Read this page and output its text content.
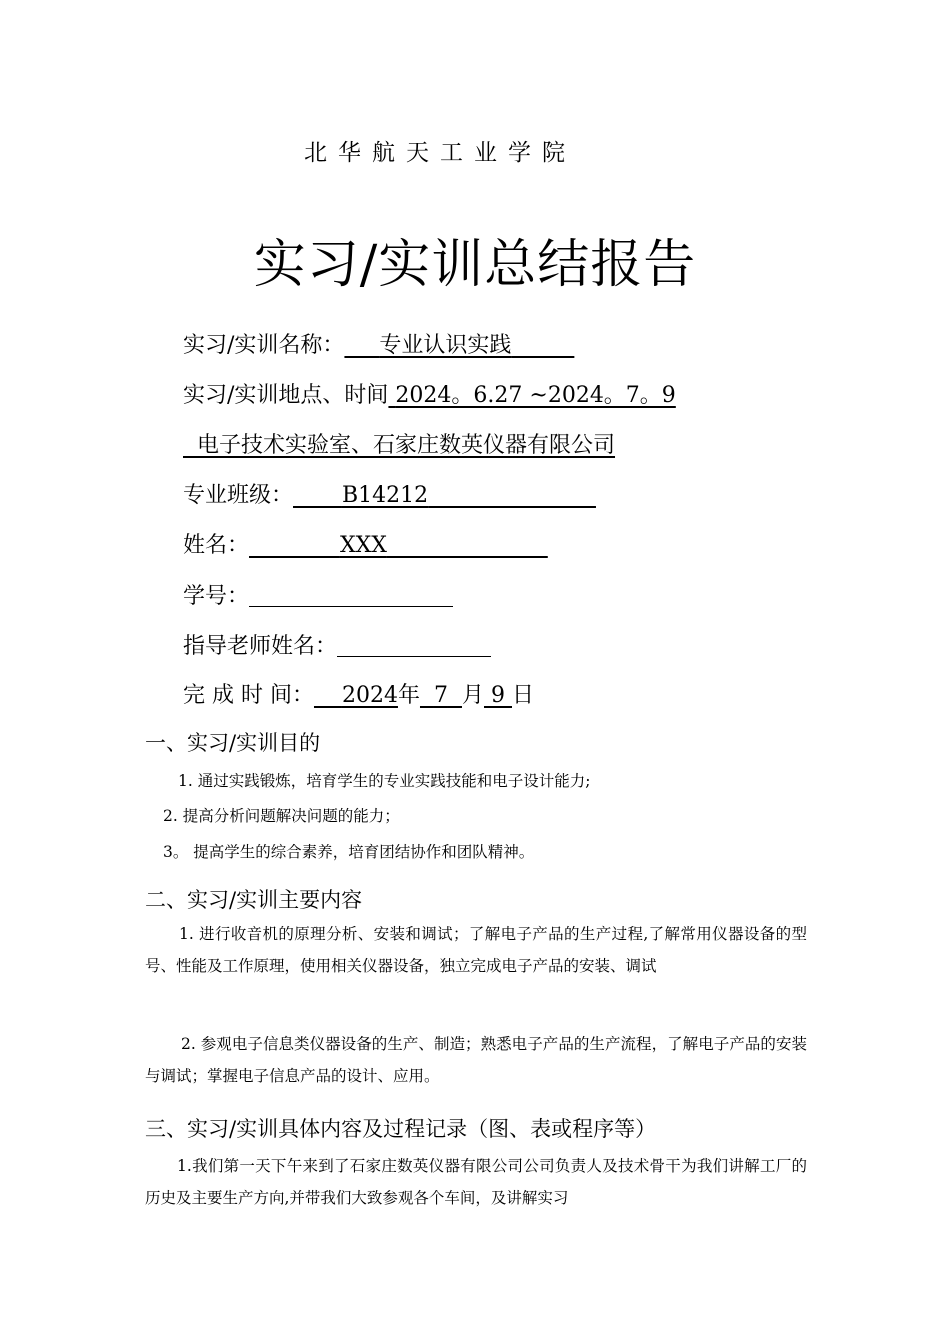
北华航天工业学院
实习/实训总结报告
实习/实训名称： 专业认识实践
实习/实训地点、时间 2024。6.27 ~2024。7。9
电子技术实验室、石家庄数英仪器有限公司
专业班级： B14212
姓名：	XXX
学号：
指导老师姓名：
完 成 时 间： 2024年 7 月 9 日
一、实习/实训目的
1. 通过实践锻炼，培育学生的专业实践技能和电子设计能力;
2. 提高分析问题解决问题的能力；
3。 提高学生的综合素养，培育团结协作和团队精神。
二、实习/实训主要内容
1. 进行收音机的原理分析、安装和调试；了解电子产品的生产过程,了解常用仪器设备的型号、性能及工作原理，使用相关仪器设备，独立完成电子产品的安装、调试
2. 参观电子信息类仪器设备的生产、制造；熟悉电子产品的生产流程，了解电子产品的安装与调试；掌握电子信息产品的设计、应用。
三、实习/实训具体内容及过程记录（图、表或程序等）
1.我们第一天下午来到了石家庄数英仪器有限公司公司负责人及技术骨干为我们讲解工厂的历史及主要生产方向,并带我们大致参观各个车间，及讲解实习
